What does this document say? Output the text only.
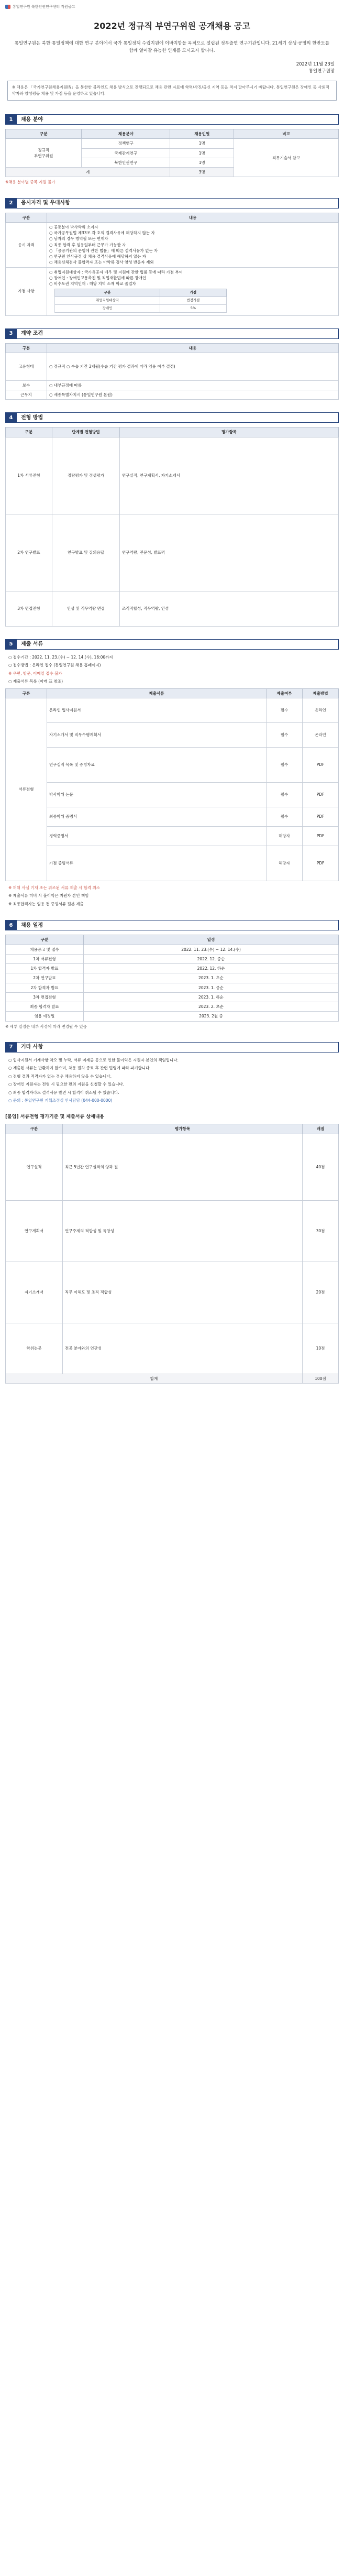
통일연구원 북한인권연구센터 직원공고
2022년 정규직 부연구위원 공개채용 공고
통일연구원은 북한·통일정책에 대한 연구 분야에서 국가 통일정책 수립지원에 이바지함을 목적으로 설립된 정부출연 연구기관입니다. 21세기 상생·공영의 한반도를 함께 열어갈 유능한 인재를 모시고자 합니다.
2022년 11월 23일
통일연구원장
※ 채용은 「국가연구원채용지원IN」을 통한한 블라인드 채용 방식으로 진행되므로 채용 관련 자료에 학력/사진/출신 지역 등을 적지 말아주시기 바랍니다. 통일연구원은 장애인 등 사회적약자와 양성평등 채용 및 가점 등을 운영하고 있습니다.
1	채용 분야
구분	채용분야	채용인원	비고
정규직
부연구위원	정책연구	1명	직무기술서 참고
	국제관계연구	1명	
	북한인권연구	1명	
계		3명	
※채용 분야별 중복 지원 불가
2	응시자격 및 우대사항
구분	내용
응시 자격	
○ 공통분야 박사학위 소지자
○ 국가공무원법 제33조 각 호의 결격사유에 해당하지 않는 자
○ 남자의 경우 병역필 또는 면제자
○ 최종 합격 후 임용일부터 근무가 가능한 자
○ 「공공기관의 운영에 관한 법률」에 따른 결격사유가 없는 자
○ 연구원 인사규정 상 채용 결격사유에 해당하지 않는 자
○ 채용신체검사 불합격자 또는 마약류 검사 양성 반응자 제외

가점 사항	
○ 취업지원대상자 : 국가유공자 예우 및 지원에 관한 법률 등에 따라 가점 부여
○ 장애인 : 장애인고용촉진 및 직업재활법에 따른 장애인
○ 비수도권 지역인재 : 해당 지역 소재 학교 졸업자
구분	가점
취업지원대상자	법정가점
장애인	5%
3	계약 조건
구분	내용
고용형태	○ 정규직 ○ 수습 기간 3개월(수습 기간 평가 결과에 따라 임용 여부 결정)
보수	○ 내부규정에 따름
근무지	○ 세종특별자치시 (통일연구원 본원)
4	전형 방법
구분	단계별 전형방법	평가항목
1차 서류전형	정량평가 및 정성평가	연구실적, 연구계획서, 자기소개서
2차 연구발표	연구발표 및 질의응답	연구역량, 전문성, 발표력
3차 면접전형	인성 및 직무역량 면접	조직적합성, 직무역량, 인성
5	제출 서류
○ 접수기간 : 2022. 11. 23.(수) ~ 12. 14.(수), 16:00까지
○ 접수방법 : 온라인 접수 (통일연구원 채용 홈페이지)
※ 우편, 방문, 이메일 접수 불가
○ 제출서류 목록 (아래 표 참조)
구분	제출서류	제출여부	제출방법
서류전형	온라인 입사지원서	필수	온라인
	자기소개서 및 직무수행계획서	필수	온라인
	연구실적 목록 및 증빙자료	필수	PDF
	박사학위 논문	필수	PDF
	최종학위 증명서	필수	PDF
	경력증명서	해당자	PDF
	가점 증빙서류	해당자	PDF
※ 허위 사실 기재 또는 위조된 서류 제출 시 합격 취소
※ 제출서류 미비 시 불이익은 지원자 본인 책임
※ 최종합격자는 임용 전 증빙서류 원본 제출
6	채용 일정
구분	일정
채용공고 및 접수	2022. 11. 23.(수) ~ 12. 14.(수)
1차 서류전형	2022. 12. 중순
1차 합격자 발표	2022. 12. 하순
2차 연구발표	2023. 1. 초순
2차 합격자 발표	2023. 1. 중순
3차 면접전형	2023. 1. 하순
최종 합격자 발표	2023. 2. 초순
임용 예정일	2023. 2월 중
※ 세부 일정은 내부 사정에 따라 변경될 수 있음
7	기타 사항
○ 입사지원서 기재사항 착오 및 누락, 서류 미제출 등으로 인한 불이익은 지원자 본인의 책임입니다.
○ 제출된 서류는 반환하지 않으며, 채용 절차 종료 후 관련 법령에 따라 파기합니다.
○ 전형 결과 적격자가 없는 경우 채용하지 않을 수 있습니다.
○ 장애인 지원자는 전형 시 필요한 편의 지원을 신청할 수 있습니다.
○ 최종 합격자라도 결격사유 발견 시 합격이 취소될 수 있습니다.
○ 문의 : 통일연구원 기획조정실 인사담당 (044-000-0000)
[붙임] 서류전형 평가기준 및 제출서류 상세내용
구분	평가항목	배점
연구실적	최근 5년간 연구실적의 양과 질	40점
연구계획서	연구주제의 적합성 및 독창성	30점
자기소개서	직무 이해도 및 조직 적합성	20점
학위논문	전공 분야와의 연관성	10점
합계		100점
